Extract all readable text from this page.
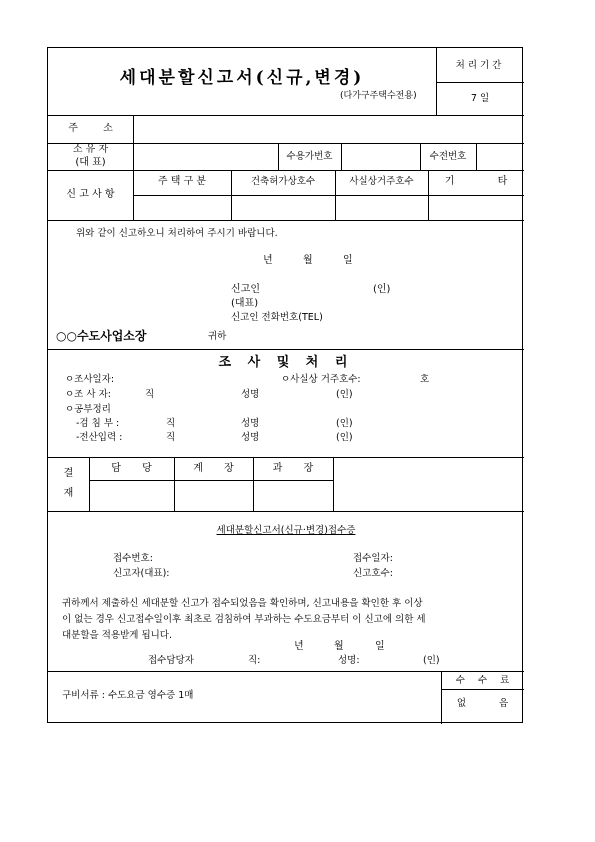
세대분할신고서(신규,변경)
(다가구주택수전용)
처리기간
7 일
주 소
소 유 자
(대 표)
수용가번호	수전번호
신 고 사 항
주 택 구 분	건축허가상호수	사실상거주호수	기 타
위와 같이 신고하오니 처리하여 주시기 바랍니다.
년	월	일
신고인	(인)
(대표)
신고인 전화번호(TEL)
○○수도사업소장	귀하
조 사 및 처 리
ㅇ조사일자:	ㅇ사실상 거주호수:	호
ㅇ조 사 자:	직	성명	(인)
ㅇ공부정리
-검 침 부 :	직	성명	(인)
-전산입력 :	직	성명	(인)
결
재
담 당	계 장	과 장
세대분할신고서(신규·변경)접수증
접수번호:	접수일자:
신고자(대표):	신고호수:
귀하께서 제출하신 세대분할 신고가 접수되었음을 확인하며, 신고내용을 확인한 후 이상
이 없는 경우 신고접수일이후 최초로 검침하여 부과하는 수도요금부터 이 신고에 의한 세
대분할을 적용받게 됩니다.
년	월	일
접수담당자	직:	성명:	(인)
구비서류 : 수도요금 영수증 1매
수 수 료
없 음
